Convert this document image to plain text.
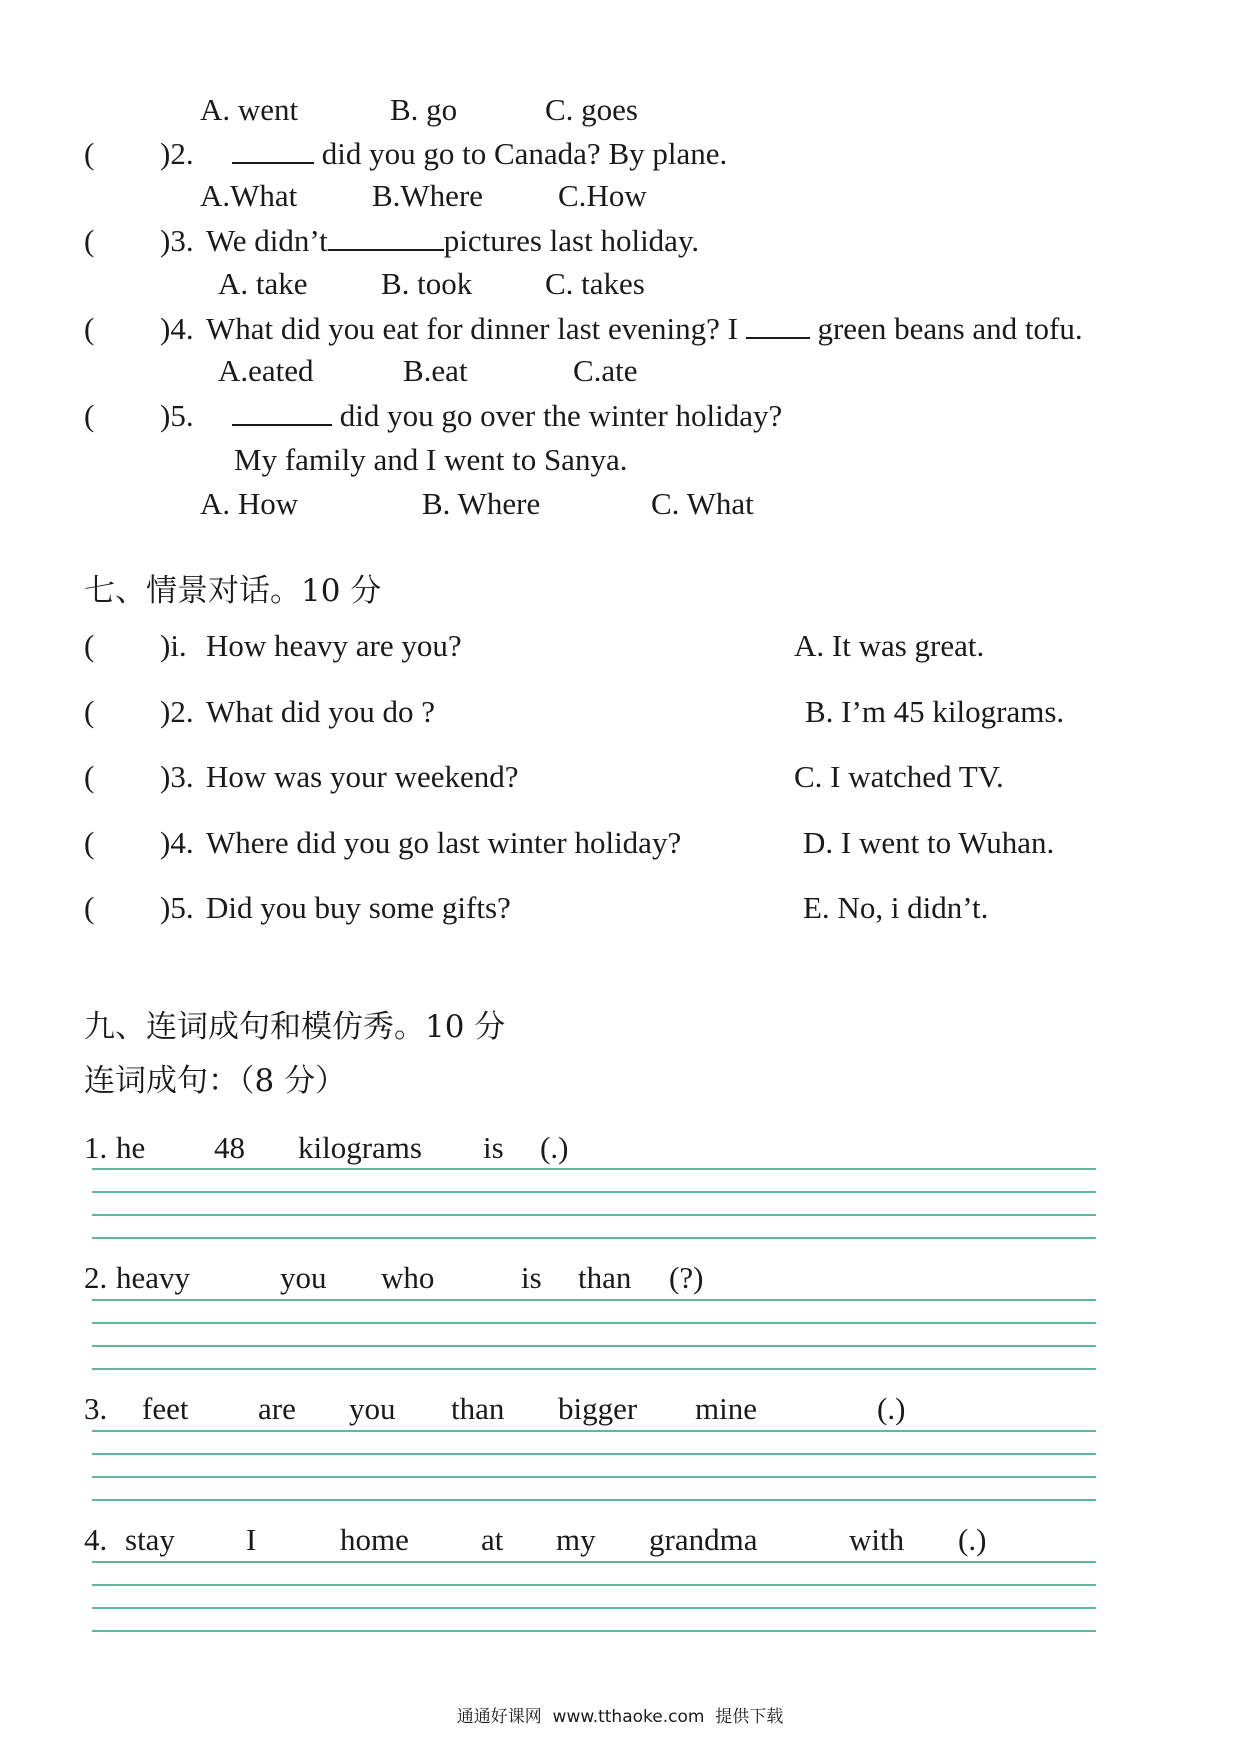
A. went	B. go	C. goes
( )2.	did you go to Canada? By plane.
A.What B.Where C.How
( )3. We didn’t	pictures last holiday.
A. take B. took C. takes
( )4. What did you eat for dinner last evening? I  green beans and tofu.
A.eated	B.eat	C.ate
( )5.	did you go over the winter holiday?
My family and I went to Sanya.
A. How	B. Where	C. What
七、情景对话。10 分
( )i. How heavy are you?	A. It was great.
( )2. What did you do ?	B. I’m 45 kilograms.
( )3. How was your weekend?	C. I watched TV.
( )4. Where did you go last winter holiday?	D. I went to Wuhan.
( )5. Did you buy some gifts?	E. No, i didn’t.
九、连词成句和模仿秀。10 分
连词成句：（8 分）
1. he 48 kilograms is (.)
2. heavy	you who	is than (?)
3. feet are you than bigger mine	(.)
4. stay I	home at my grandma	with (.)
通通好课网  www.tthaoke.com  提供下载
